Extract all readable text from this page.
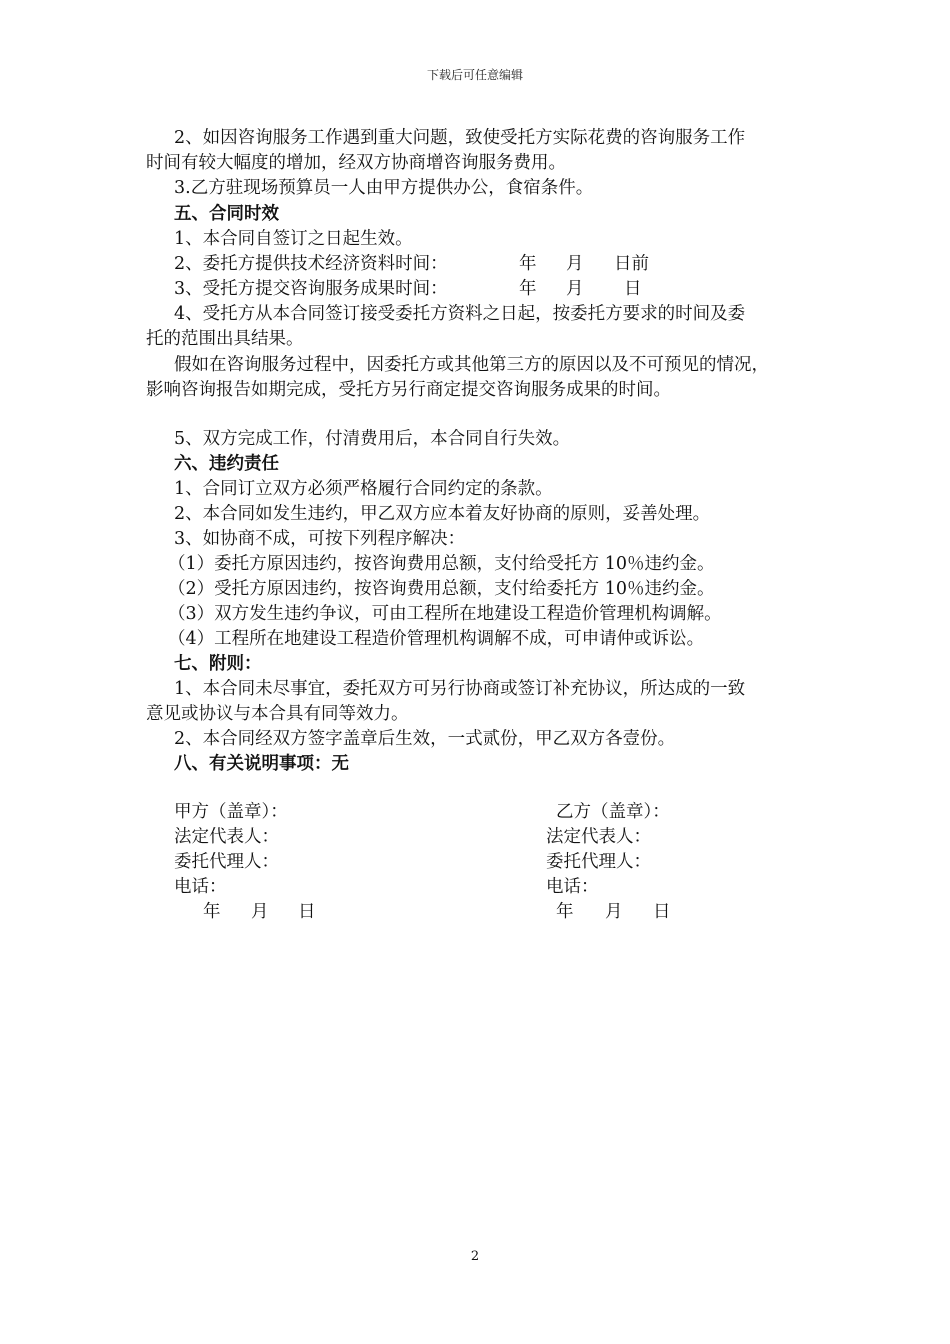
下载后可任意编辑
2、如因咨询服务工作遇到重大问题，致使受托方实际花费的咨询服务工作
时间有较大幅度的增加，经双方协商增咨询服务费用。
3.乙方驻现场预算员一人由甲方提供办公，食宿条件。
五、合同时效
1、本合同自签订之日起生效。
2、委托方提供技术经济资料时间：	年 月 日前
3、受托方提交咨询服务成果时间：	年 月 日
4、受托方从本合同签订接受委托方资料之日起，按委托方要求的时间及委
托的范围出具结果。
假如在咨询服务过程中，因委托方或其他第三方的原因以及不可预见的情况，
影响咨询报告如期完成，受托方另行商定提交咨询服务成果的时间。
5、双方完成工作，付清费用后，本合同自行失效。
六、违约责任
1、合同订立双方必须严格履行合同约定的条款。
2、本合同如发生违约，甲乙双方应本着友好协商的原则，妥善处理。
3、如协商不成，可按下列程序解决：
（1）委托方原因违约，按咨询费用总额，支付给受托方 10％违约金。
（2）受托方原因违约，按咨询费用总额，支付给委托方 10％违约金。
（3）双方发生违约争议，可由工程所在地建设工程造价管理机构调解。
（4）工程所在地建设工程造价管理机构调解不成，可申请仲或诉讼。
七、附则：
1、本合同未尽事宜，委托双方可另行协商或签订补充协议，所达成的一致
意见或协议与本合具有同等效力。
2、本合同经双方签字盖章后生效，一式贰份，甲乙双方各壹份。
八、有关说明事项：无
甲方（盖章）：
法定代表人：
委托代理人：
电话：
年 月 日
乙方（盖章）：
法定代表人：
委托代理人：
电话：
年 月 日
2
